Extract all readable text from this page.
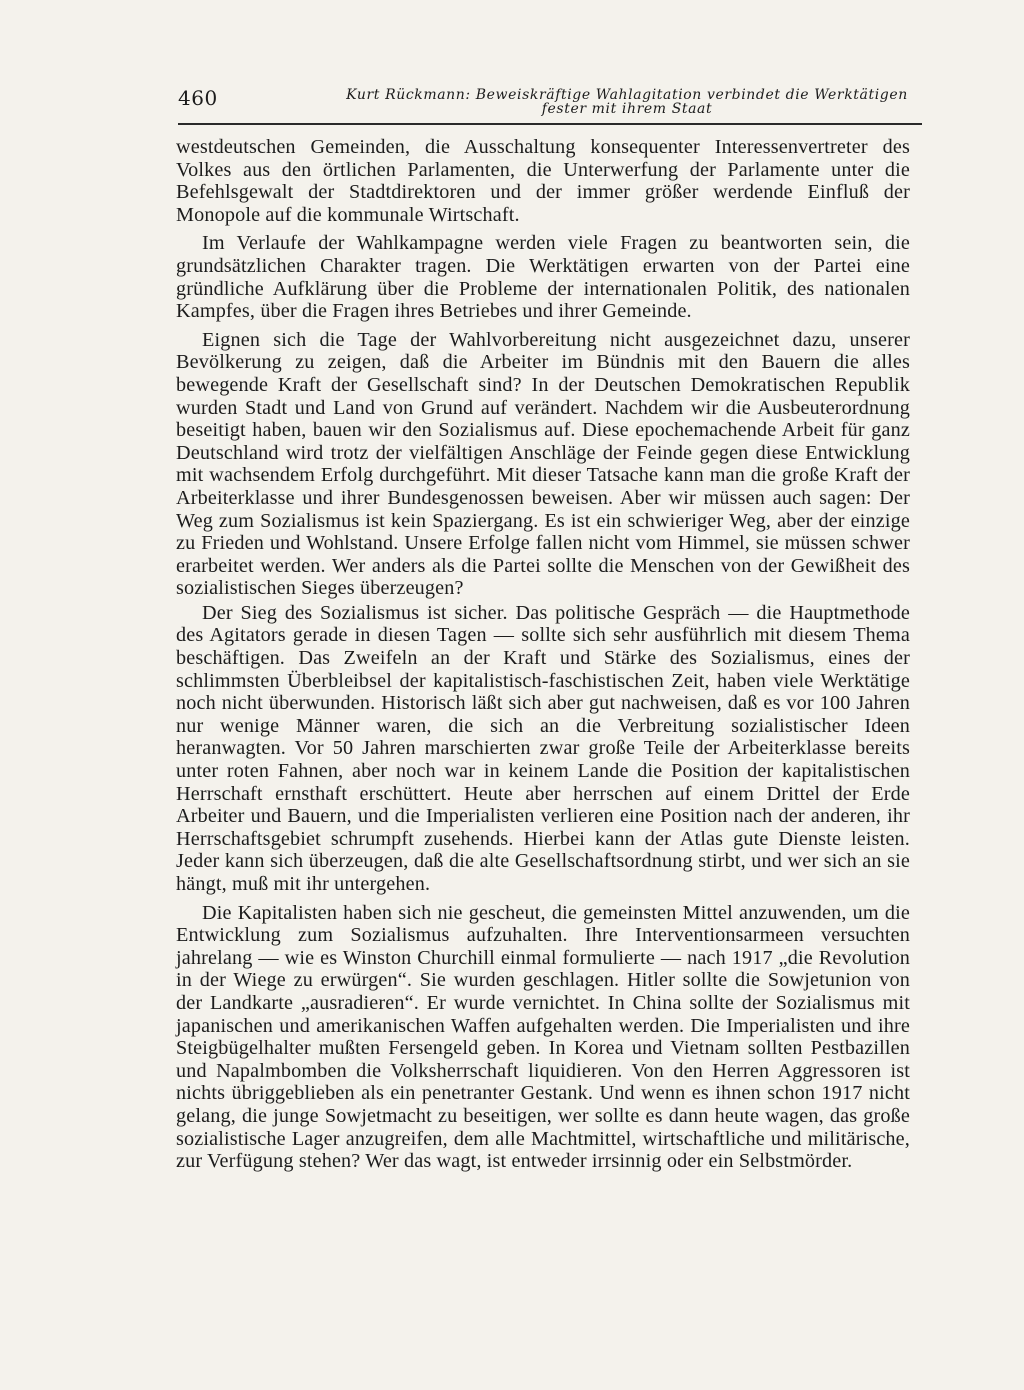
460	Kurt Rückmann: Beweiskräftige Wahlagitation verbindet die Werktätigen
fester mit ihrem Staat

westdeutschen Gemeinden, die Ausschaltung konsequenter Interessenvertreter des Volkes aus den örtlichen Parlamenten, die Unterwerfung der Parlamente unter die Befehlsgewalt der Stadtdirektoren und der immer größer werdende Einfluß der Monopole auf die kommunale Wirtschaft.

Im Verlaufe der Wahlkampagne werden viele Fragen zu beantworten sein, die grundsätzlichen Charakter tragen. Die Werktätigen erwarten von der Partei eine gründliche Aufklärung über die Probleme der internationalen Politik, des nationalen Kampfes, über die Fragen ihres Betriebes und ihrer Gemeinde.

Eignen sich die Tage der Wahlvorbereitung nicht ausgezeichnet dazu, unserer Bevölkerung zu zeigen, daß die Arbeiter im Bündnis mit den Bauern die alles bewegende Kraft der Gesellschaft sind? In der Deutschen Demokratischen Republik wurden Stadt und Land von Grund auf verändert. Nachdem wir die Ausbeuterordnung beseitigt haben, bauen wir den Sozialismus auf. Diese epochemachende Arbeit für ganz Deutschland wird trotz der vielfältigen Anschläge der Feinde gegen diese Entwicklung mit wachsendem Erfolg durchgeführt. Mit dieser Tatsache kann man die große Kraft der Arbeiterklasse und ihrer Bundesgenossen beweisen. Aber wir müssen auch sagen: Der Weg zum Sozialismus ist kein Spaziergang. Es ist ein schwieriger Weg, aber der einzige zu Frieden und Wohlstand. Unsere Erfolge fallen nicht vom Himmel, sie müssen schwer erarbeitet werden. Wer anders als die Partei sollte die Menschen von der Gewißheit des sozialistischen Sieges überzeugen?

Der Sieg des Sozialismus ist sicher. Das politische Gespräch — die Hauptmethode des Agitators gerade in diesen Tagen — sollte sich sehr ausführlich mit diesem Thema beschäftigen. Das Zweifeln an der Kraft und Stärke des Sozialismus, eines der schlimmsten Überbleibsel der kapitalistisch-faschistischen Zeit, haben viele Werktätige noch nicht überwunden. Historisch läßt sich aber gut nachweisen, daß es vor 100 Jahren nur wenige Männer waren, die sich an die Verbreitung sozialistischer Ideen heranwagten. Vor 50 Jahren marschierten zwar große Teile der Arbeiterklasse bereits unter roten Fahnen, aber noch war in keinem Lande die Position der kapitalistischen Herrschaft ernsthaft erschüttert. Heute aber herrschen auf einem Drittel der Erde Arbeiter und Bauern, und die Imperialisten verlieren eine Position nach der anderen, ihr Herrschaftsgebiet schrumpft zusehends. Hierbei kann der Atlas gute Dienste leisten. Jeder kann sich überzeugen, daß die alte Gesellschaftsordnung stirbt, und wer sich an sie hängt, muß mit ihr untergehen.

Die Kapitalisten haben sich nie gescheut, die gemeinsten Mittel anzuwenden, um die Entwicklung zum Sozialismus aufzuhalten. Ihre Interventionsarmeen versuchten jahrelang — wie es Winston Churchill einmal formulierte — nach 1917 „die Revolution in der Wiege zu erwürgen“. Sie wurden geschlagen. Hitler sollte die Sowjetunion von der Landkarte „ausradieren“. Er wurde vernichtet. In China sollte der Sozialismus mit japanischen und amerikanischen Waffen aufgehalten werden. Die Imperialisten und ihre Steigbügelhalter mußten Fersengeld geben. In Korea und Vietnam sollten Pestbazillen und Napalmbomben die Volksherrschaft liquidieren. Von den Herren Aggressoren ist nichts übriggeblieben als ein penetranter Gestank. Und wenn es ihnen schon 1917 nicht gelang, die junge Sowjetmacht zu beseitigen, wer sollte es dann heute wagen, das große sozialistische Lager anzugreifen, dem alle Machtmittel, wirtschaftliche und militärische, zur Verfügung stehen? Wer das wagt, ist entweder irrsinnig oder ein Selbstmörder.
